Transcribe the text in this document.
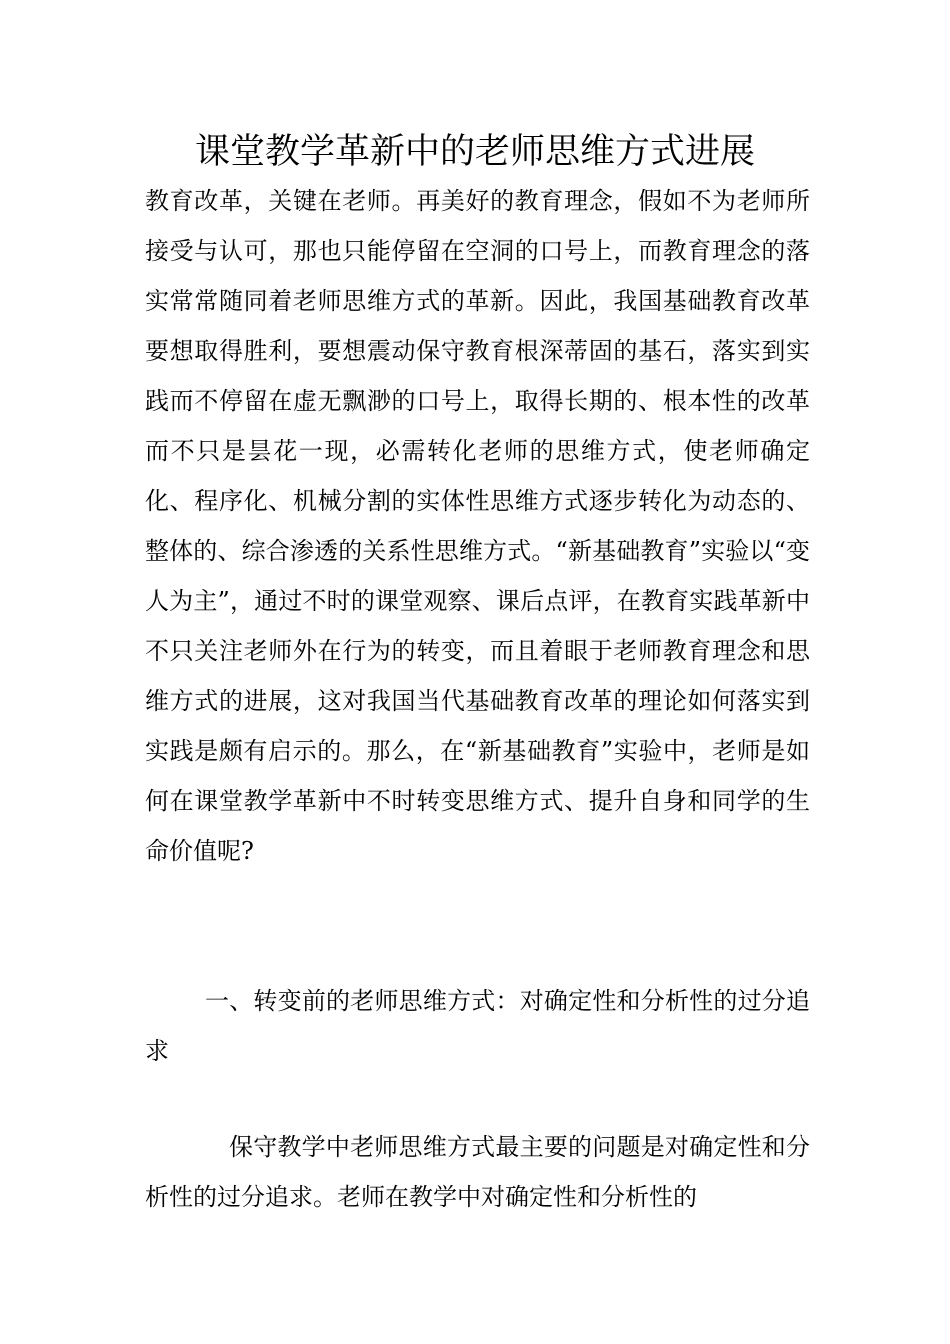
课堂教学革新中的老师思维方式进展

教育改革，关键在老师。再美好的教育理念，假如不为老师所接受与认可，那也只能停留在空洞的口号上，而教育理念的落实常常随同着老师思维方式的革新。因此，我国基础教育改革要想取得胜利，要想震动保守教育根深蒂固的基石，落实到实践而不停留在虚无飘渺的口号上，取得长期的、根本性的改革而不只是昙花一现，必需转化老师的思维方式，使老师确定化、程序化、机械分割的实体性思维方式逐步转化为动态的、整体的、综合渗透的关系性思维方式。“新基础教育”实验以“变人为主”，通过不时的课堂观察、课后点评，在教育实践革新中不只关注老师外在行为的转变，而且着眼于老师教育理念和思维方式的进展，这对我国当代基础教育改革的理论如何落实到实践是颇有启示的。那么，在“新基础教育”实验中，老师是如何在课堂教学革新中不时转变思维方式、提升自身和同学的生命价值呢?

一、转变前的老师思维方式：对确定性和分析性的过分追求

保守教学中老师思维方式最主要的问题是对确定性和分析性的过分追求。老师在教学中对确定性和分析性的
